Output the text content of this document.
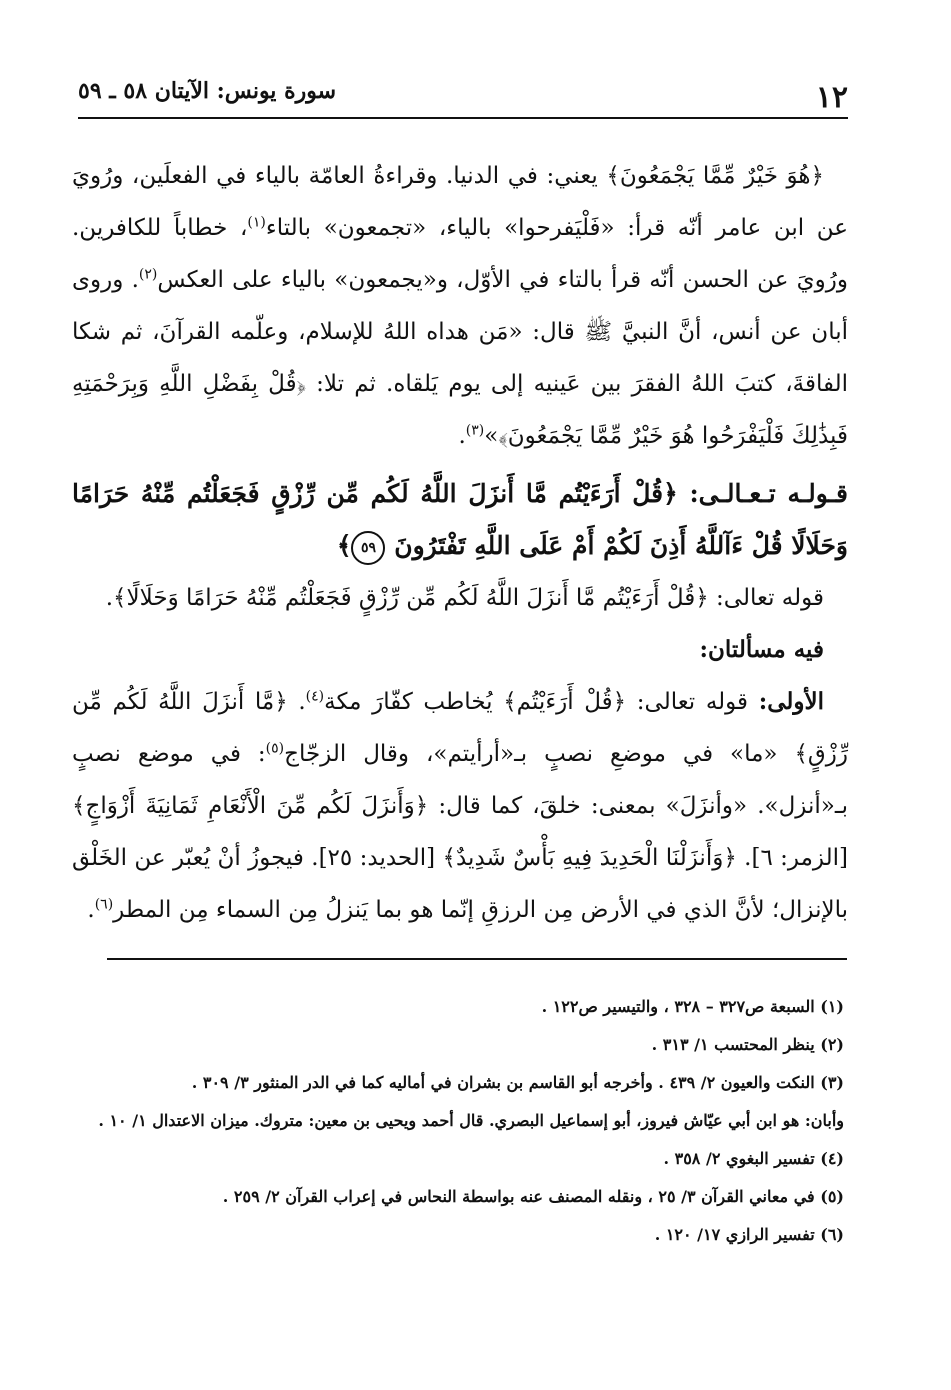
١٢
سورة يونس: الآيتان ٥٨ ـ ٥٩

﴿هُوَ خَيْرٌ مِّمَّا يَجْمَعُونَ﴾ يعني: في الدنيا. وقراءةُ العامّة بالياء في الفعلَين، ورُويَ عن ابن عامر أنّه قرأ: «فَلْيَفرحوا» بالياء، «تجمعون» بالتاء$^{(١)}$، خطاباً للكافرين. ورُويَ عن الحسن أنّه قرأ بالتاء في الأوّل، و«يجمعون» بالياء على العكس$^{(٢)}$. وروى أبان عن أنس، أنَّ النبيَّ ﷺ قال: «مَن هداه اللهُ للإسلام، وعلّمه القرآنَ، ثم شكا الفاقةَ، كتبَ اللهُ الفقرَ بين عَينيه إلى يوم يَلقاه. ثم تلا: ﴿قُلْ بِفَضْلِ اللَّهِ وَبِرَحْمَتِهِ فَبِذَٰلِكَ فَلْيَفْرَحُوا هُوَ خَيْرٌ مِّمَّا يَجْمَعُونَ﴾»$^{(٣)}$.

قـولـه تـعـالـى: ﴿قُلْ أَرَءَيْتُم مَّا أَنزَلَ اللَّهُ لَكُم مِّن رِّزْقٍ فَجَعَلْتُم مِّنْهُ حَرَامًا وَحَلَالًا قُلْ ءَآللَّهُ أَذِنَ لَكُمْ أَمْ عَلَى اللَّهِ تَفْتَرُونَ ٥٩﴾

قوله تعالى: ﴿قُلْ أَرَءَيْتُم مَّا أَنزَلَ اللَّهُ لَكُم مِّن رِّزْقٍ فَجَعَلْتُم مِّنْهُ حَرَامًا وَحَلَالًا﴾.

فيه مسألتان:

الأولى: قوله تعالى: ﴿قُلْ أَرَءَيْتُم﴾ يُخاطب كفّارَ مكة$^{(٤)}$. ﴿مَّا أَنزَلَ اللَّهُ لَكُم مِّن رِّزْقٍ﴾ «ما» في موضعِ نصبٍ بـ«أرأيتم»، وقال الزجّاج$^{(٥)}$: في موضع نصبٍ بـ«أنزل». «وأنزَلَ» بمعنى: خلقَ، كما قال: ﴿وَأَنزَلَ لَكُم مِّنَ الْأَنْعَامِ ثَمَانِيَةَ أَزْوَاجٍ﴾ [الزمر: ٦]. ﴿وَأَنزَلْنَا الْحَدِيدَ فِيهِ بَأْسٌ شَدِيدٌ﴾ [الحديد: ٢٥]. فيجوزُ أنْ يُعبّر عن الخَلْق بالإنزال؛ لأنَّ الذي في الأرض مِن الرزقِ إنّما هو بما يَنزلُ مِن السماء مِن المطر$^{(٦)}$.

(١) السبعة ص٣٢٧ – ٣٢٨ ، والتيسير ص١٢٢ .

(٢) ينظر المحتسب ١/ ٣١٣ .

(٣) النكت والعيون ٢/ ٤٣٩ . وأخرجه أبو القاسم بن بشران في أماليه كما في الدر المنثور ٣/ ٣٠٩ .

وأبان: هو ابن أبي عيّاش فيروز، أبو إسماعيل البصري. قال أحمد ويحيى بن معين: متروك. ميزان الاعتدال ١/ ١٠ .

(٤) تفسير البغوي ٢/ ٣٥٨ .

(٥) في معاني القرآن ٣/ ٢٥ ، ونقله المصنف عنه بواسطة النحاس في إعراب القرآن ٢/ ٢٥٩ .

(٦) تفسير الرازي ١٧/ ١٢٠ .
